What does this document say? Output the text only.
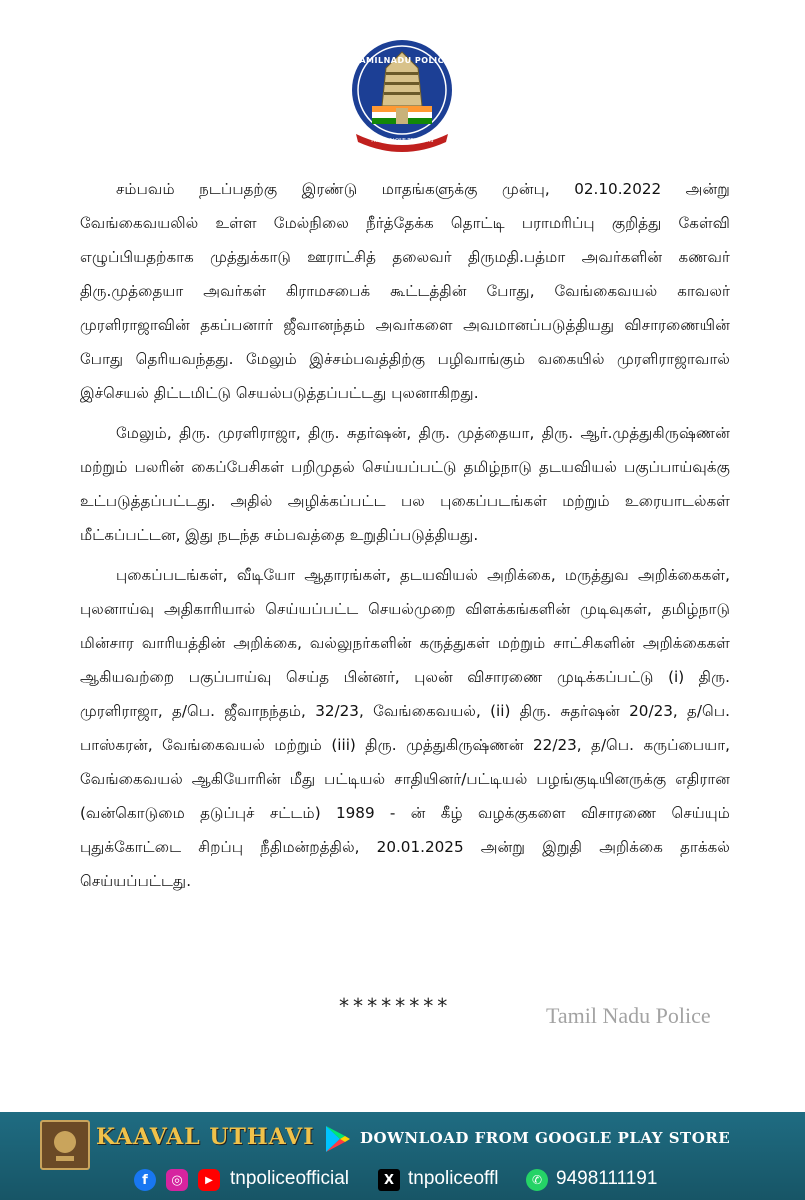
TAMILNADU POLICE
TRUTH ALONE TRIUMPHS

சம்பவம் நடப்பதற்கு இரண்டு மாதங்களுக்கு முன்பு, 02.10.2022 அன்று வேங்கைவயலில் உள்ள மேல்நிலை நீர்த்தேக்க தொட்டி பராமரிப்பு குறித்து கேள்வி எழுப்பியதற்காக முத்துக்காடு ஊராட்சித் தலைவர் திருமதி.பத்மா அவர்களின் கணவர் திரு.முத்தையா அவர்கள் கிராமசபைக் கூட்டத்தின் போது, வேங்கைவயல் காவலர் முரளிராஜாவின் தகப்பனார் ஜீவானந்தம் அவர்களை அவமானப்படுத்தியது விசாரணையின் போது தெரியவந்தது. மேலும் இச்சம்பவத்திற்கு பழிவாங்கும் வகையில் முரளிராஜாவால் இச்செயல் திட்டமிட்டு செயல்படுத்தப்பட்டது புலனாகிறது.

மேலும், திரு. முரளிராஜா, திரு. சுதர்ஷன், திரு. முத்தையா, திரு. ஆர்.முத்துகிருஷ்ணன் மற்றும் பலரின் கைப்பேசிகள் பறிமுதல் செய்யப்பட்டு தமிழ்நாடு தடயவியல் பகுப்பாய்வுக்கு உட்படுத்தப்பட்டது. அதில் அழிக்கப்பட்ட பல புகைப்படங்கள் மற்றும் உரையாடல்கள் மீட்கப்பட்டன, இது நடந்த சம்பவத்தை உறுதிப்படுத்தியது.

புகைப்படங்கள், வீடியோ ஆதாரங்கள், தடயவியல் அறிக்கை, மருத்துவ அறிக்கைகள், புலனாய்வு அதிகாரியால் செய்யப்பட்ட செயல்முறை விளக்கங்களின் முடிவுகள், தமிழ்நாடு மின்சார வாரியத்தின் அறிக்கை, வல்லுநர்களின் கருத்துகள் மற்றும் சாட்சிகளின் அறிக்கைகள் ஆகியவற்றை பகுப்பாய்வு செய்த பின்னர், புலன் விசாரணை முடிக்கப்பட்டு (i) திரு. முரளிராஜா, த/பெ. ஜீவாநந்தம், 32/23, வேங்கைவயல், (ii) திரு. சுதர்ஷன் 20/23, த/பெ. பாஸ்கரன், வேங்கைவயல் மற்றும் (iii) திரு. முத்துகிருஷ்ணன் 22/23, த/பெ. கருப்பையா, வேங்கைவயல் ஆகியோரின் மீது பட்டியல் சாதியினர்/பட்டியல் பழங்குடியினருக்கு எதிரான (வன்கொடுமை தடுப்புச் சட்டம்) 1989 - ன் கீழ் வழக்குகளை விசாரணை செய்யும் புதுக்கோட்டை சிறப்பு நீதிமன்றத்தில், 20.01.2025 அன்று இறுதி அறிக்கை தாக்கல் செய்யப்பட்டது.

********	Tamil Nadu Police
KAAVAL UTHAVI	DOWNLOAD FROM GOOGLE PLAY STORE
f	◎	▶ tnpoliceofficial	X tnpoliceoffl	✆ 9498111191
